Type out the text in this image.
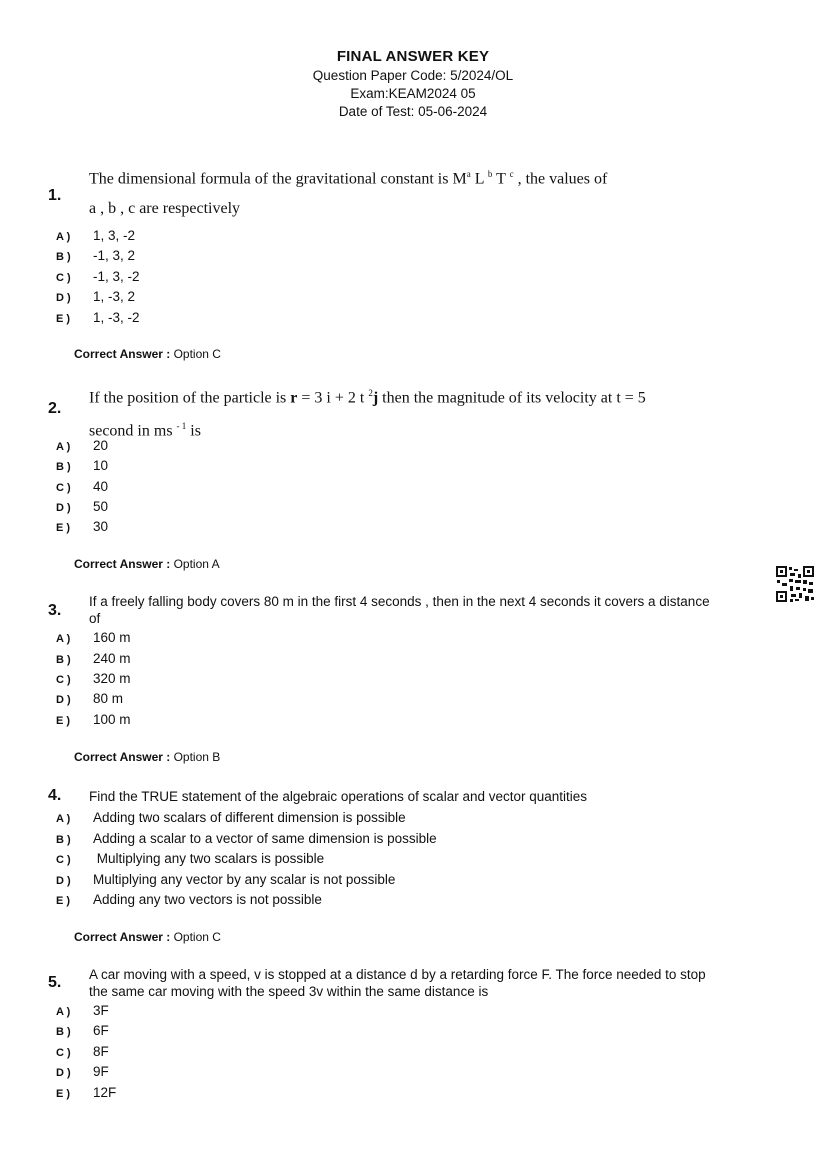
FINAL ANSWER KEY
Question Paper Code: 5/2024/OL
Exam:KEAM2024 05
Date of Test: 05-06-2024
1.
The dimensional formula of the gravitational constant is $M^a$ L $^b$ T $^c$ , the values of
a , b , c are respectively
A )	1, 3, -2
B )	-1, 3, 2
C )	-1, 3, -2
D )	1, -3, 2
E )	1, -3, -2
Correct Answer : Option C
2.
If the position of the particle is r = 3 i + 2 t $^2$j then the magnitude of its velocity at t = 5
second in ms $^{- 1}$ is
A )	20
B )	10
C )	40
D )	50
E )	30
Correct Answer : Option A
3.
If a freely falling body covers 80 m in the first 4 seconds , then in the next 4 seconds it covers a distance
of
A )	160 m
B )	240 m
C )	320 m
D )	80 m
E )	100 m
Correct Answer : Option B
4. Find the TRUE statement of the algebraic operations of scalar and vector quantities
A )	Adding two scalars of different dimension is possible
B )	Adding a scalar to a vector of same dimension is possible
C )	Multiplying any two scalars is possible
D )	Multiplying any vector by any scalar is not possible
E )	Adding any two vectors is not possible
Correct Answer : Option C
5. A car moving with a speed, v is stopped at a distance d by a retarding force F. The force needed to stop
the same car moving with the speed 3v within the same distance is
A )	3F
B )	6F
C )	8F
D )	9F
E )	12F
